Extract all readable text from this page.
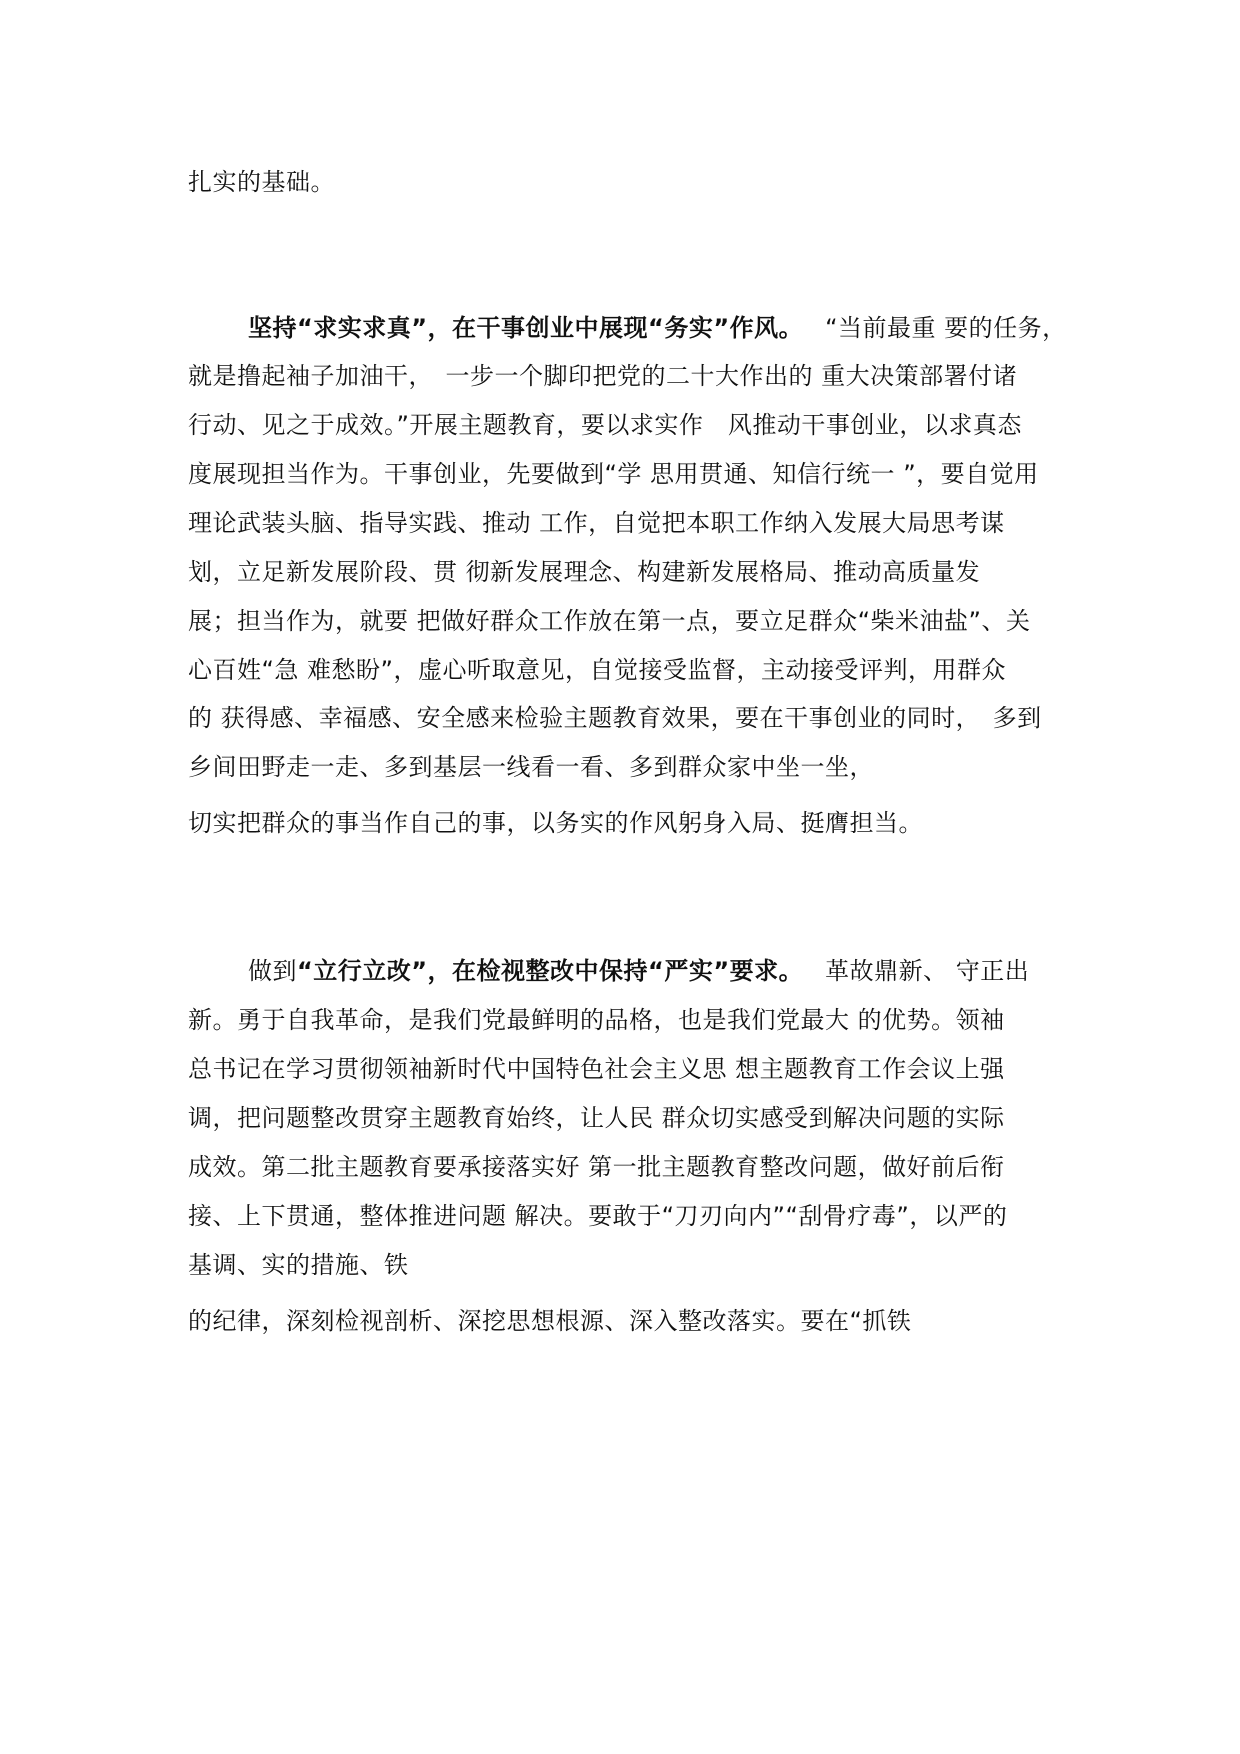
扎实的基础。
坚持“求实求真”，在干事创业中展现“务实”作风。 “当前最重 要的任务，
就是撸起袖子加油干，　一步一个脚印把党的二十大作出的 重大决策部署付诸
行动、见之于成效。”开展主题教育，要以求实作　风推动干事创业，以求真态
度展现担当作为。干事创业，先要做到“学 思用贯通、知信行统一 ”，要自觉用
理论武装头脑、指导实践、推动 工作，自觉把本职工作纳入发展大局思考谋
划，立足新发展阶段、贯 彻新发展理念、构建新发展格局、推动高质量发
展；担当作为，就要 把做好群众工作放在第一点，要立足群众“柴米油盐”、关
心百姓“急 难愁盼”，虚心听取意见，自觉接受监督，主动接受评判，用群众
的 获得感、幸福感、安全感来检验主题教育效果，要在干事创业的同时，　多到
乡间田野走一走、多到基层一线看一看、多到群众家中坐一坐，
切实把群众的事当作自己的事，以务实的作风躬身入局、挺膺担当。
做到“立行立改”，在检视整改中保持“严实”要求。 革故鼎新、 守正出
新。勇于自我革命，是我们党最鲜明的品格，也是我们党最大 的优势。领袖
总书记在学习贯彻领袖新时代中国特色社会主义思 想主题教育工作会议上强
调，把问题整改贯穿主题教育始终，让人民 群众切实感受到解决问题的实际
成效。第二批主题教育要承接落实好 第一批主题教育整改问题，做好前后衔
接、上下贯通，整体推进问题 解决。要敢于“刀刃向内”“刮骨疗毒”，以严的
基调、实的措施、铁
的纪律，深刻检视剖析、深挖思想根源、深入整改落实。要在“抓铁
